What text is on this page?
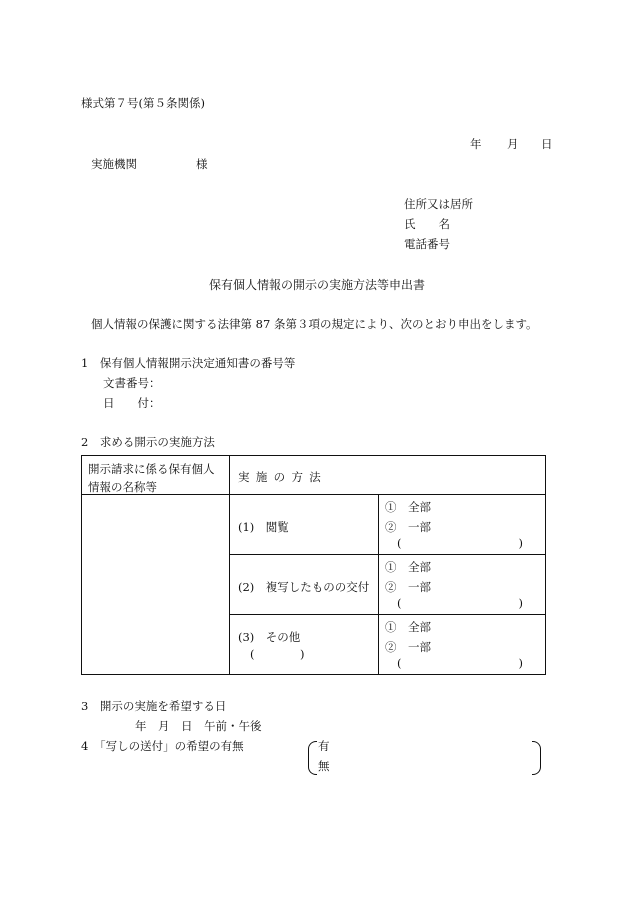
様式第７号(第５条関係)
年 月 日
実施機関	様
住所又は居所
氏　　名
電話番号
保有個人情報の開示の実施方法等申出書
個人情報の保護に関する法律第 87 条第３項の規定により、次のとおり申出をします。
1　保有個人情報開示決定通知書の番号等
文書番号：
日　　付：
2　求める開示の実施方法
開示請求に係る保有個人
情報の名称等	実施の方法	

	(1)　閲覧	①　全部
②　一部
( )

	(2)　複写したものの交付	①　全部
②　一部
( )

	(3)　その他
( )	①　全部
②　一部
( )
3　開示の実施を希望する日
年　月　日　午前・午後
4　「写しの送付」の希望の有無	有
無
